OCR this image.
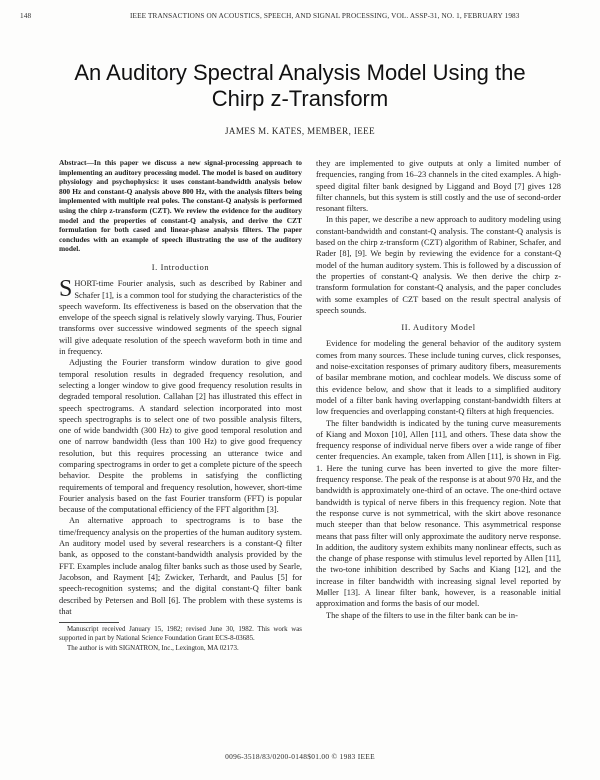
148	IEEE TRANSACTIONS ON ACOUSTICS, SPEECH, AND SIGNAL PROCESSING, VOL. ASSP-31, NO. 1, FEBRUARY 1983
An Auditory Spectral Analysis Model Using the
Chirp z-Transform
JAMES M. KATES, MEMBER, IEEE

Abstract—In this paper we discuss a new signal-processing approach to implementing an auditory processing model. The model is based on auditory physiology and psychophysics: it uses constant-bandwidth analysis below 800 Hz and constant-Q analysis above 800 Hz, with the analysis filters being implemented with multiple real poles. The constant-Q analysis is performed using the chirp z-transform (CZT). We review the evidence for the auditory model and the properties of constant-Q analysis, and derive the CZT formulation for both cased and linear-phase analysis filters. The paper concludes with an example of speech illustrating the use of the auditory model.

I. Introduction

SHORT-time Fourier analysis, such as described by Rabiner and Schafer [1], is a common tool for studying the characteristics of the speech waveform. Its effectiveness is based on the observation that the envelope of the speech signal is relatively slowly varying. Thus, Fourier transforms over successive windowed segments of the speech signal will give adequate resolution of the speech waveform both in time and in frequency.

Adjusting the Fourier transform window duration to give good temporal resolution results in degraded frequency resolution, and selecting a longer window to give good frequency resolution results in degraded temporal resolution. Callahan [2] has illustrated this effect in speech spectrograms. A standard selection incorporated into most speech spectrographs is to select one of two possible analysis filters, one of wide bandwidth (300 Hz) to give good temporal resolution and one of narrow bandwidth (less than 100 Hz) to give good frequency resolution, but this requires processing an utterance twice and comparing spectrograms in order to get a complete picture of the speech behavior. Despite the problems in satisfying the conflicting requirements of temporal and frequency resolution, however, short-time Fourier analysis based on the fast Fourier transform (FFT) is popular because of the computational efficiency of the FFT algorithm [3].

An alternative approach to spectrograms is to base the time/frequency analysis on the properties of the human auditory system. An auditory model used by several researchers is a constant-Q filter bank, as opposed to the constant-bandwidth analysis provided by the FFT. Examples include analog filter banks such as those used by Searle, Jacobson, and Rayment [4]; Zwicker, Terhardt, and Paulus [5] for speech-recognition systems; and the digital constant-Q filter bank described by Petersen and Boll [6]. The problem with these systems is that

Manuscript received January 15, 1982; revised June 30, 1982. This work was supported in part by National Science Foundation Grant ECS-8-03685.

The author is with SIGNATRON, Inc., Lexington, MA 02173.

they are implemented to give outputs at only a limited number of frequencies, ranging from 16–23 channels in the cited examples. A high-speed digital filter bank designed by Liggand and Boyd [7] gives 128 filter channels, but this system is still costly and the use of second-order resonant filters.

In this paper, we describe a new approach to auditory modeling using constant-bandwidth and constant-Q analysis. The constant-Q analysis is based on the chirp z-transform (CZT) algorithm of Rabiner, Schafer, and Rader [8], [9]. We begin by reviewing the evidence for a constant-Q model of the human auditory system. This is followed by a discussion of the properties of constant-Q analysis. We then derive the chirp z-transform formulation for constant-Q analysis, and the paper concludes with some examples of CZT based on the result spectral analysis of speech sounds.

II. Auditory Model

Evidence for modeling the general behavior of the auditory system comes from many sources. These include tuning curves, click responses, and noise-excitation responses of primary auditory fibers, measurements of basilar membrane motion, and cochlear models. We discuss some of this evidence below, and show that it leads to a simplified auditory model of a filter bank having overlapping constant-bandwidth filters at low frequencies and overlapping constant-Q filters at high frequencies.

The filter bandwidth is indicated by the tuning curve measurements of Kiang and Moxon [10], Allen [11], and others. These data show the frequency response of individual nerve fibers over a wide range of fiber center frequencies. An example, taken from Allen [11], is shown in Fig. 1. Here the tuning curve has been inverted to give the more filter-frequency response. The peak of the response is at about 970 Hz, and the bandwidth is approximately one-third of an octave. The one-third octave bandwidth is typical of nerve fibers in this frequency region. Note that the response curve is not symmetrical, with the skirt above resonance much steeper than that below resonance. This asymmetrical response means that pass filter will only approximate the auditory nerve response. In addition, the auditory system exhibits many nonlinear effects, such as the change of phase response with stimulus level reported by Allen [11], the two-tone inhibition described by Sachs and Kiang [12], and the increase in filter bandwidth with increasing signal level reported by Møller [13]. A linear filter bank, however, is a reasonable initial approximation and forms the basis of our model.

The shape of the filters to use in the filter bank can be in-

0096-3518/83/0200-0148$01.00 © 1983 IEEE
